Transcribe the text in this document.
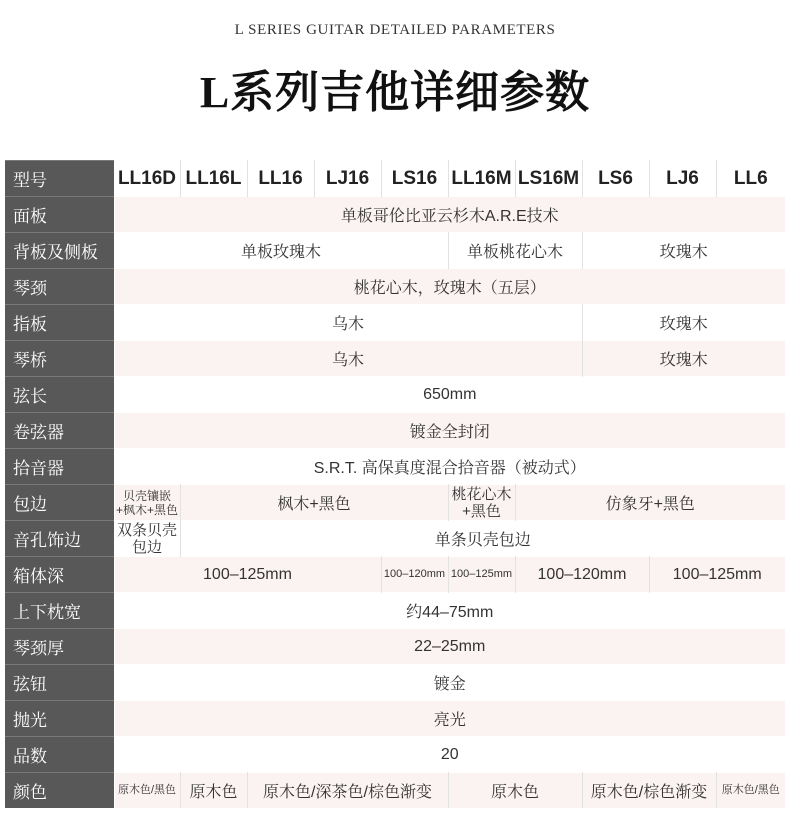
L SERIES GUITAR DETAILED PARAMETERS
L系列吉他详细参数
型号	LL16D	LL16L	LL16	LJ16	LS16	LL16M	LS16M	LS6	LJ6	LL6
面板	单板哥伦比亚云杉木A.R.E技术									
背板及侧板	单板玫瑰木					单板桃花心木		玫瑰木		
琴颈	桃花心木，玫瑰木（五层）									
指板	乌木							玫瑰木		
琴桥	乌木							玫瑰木		
弦长	650mm									
卷弦器	镀金全封闭									
拾音器	S.R.T. 高保真度混合拾音器（被动式）									
包边	贝壳镶嵌+枫木+黑色	枫木+黑色				桃花心木+黑色	仿象牙+黑色			
音孔饰边	双条贝壳包边	单条贝壳包边								
箱体深	100–125mm				100–120mm	100–125mm	100–120mm		100–125mm	
上下枕宽	约44–75mm									
琴颈厚	22–25mm									
弦钮	镀金									
抛光	亮光									
品数	20									
颜色	原木色/黑色	原木色	原木色/深茶色/棕色渐变			原木色		原木色/棕色渐变		原木色/黑色
